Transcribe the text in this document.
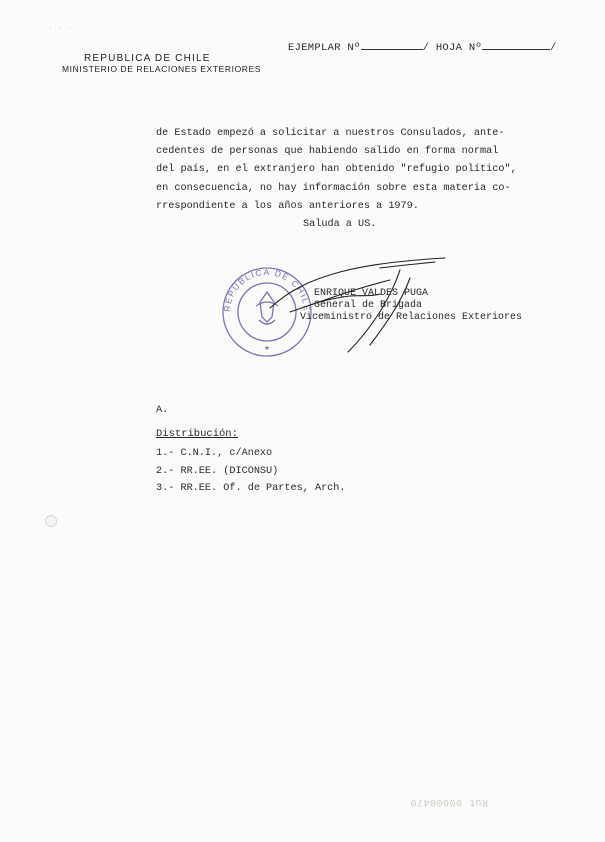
· · ·
REPUBLICA DE CHILE
MINISTERIO DE RELACIONES EXTERIORES
EJEMPLAR Nº	/ HOJA Nº	/
de Estado empezó a solicitar a nuestros Consulados, ante-
cedentes de personas que habiendo salido en forma normal
del país, en el extranjero han obtenido "refugio político",
en consecuencia, no hay información sobre esta materia co-
rrespondiente a los años anteriores a 1979.
Saluda a US.
REPUBLICA DE CHILE
★
ENRIQUE VALDES PUGA
General de Brigada
Viceministro de Relaciones Exteriores
A.
Distribución:
1.- C.N.I., c/Anexo
2.- RR.EE. (DICONSU)
3.- RR.EE. Of. de Partes, Arch.
Rut 00000470
